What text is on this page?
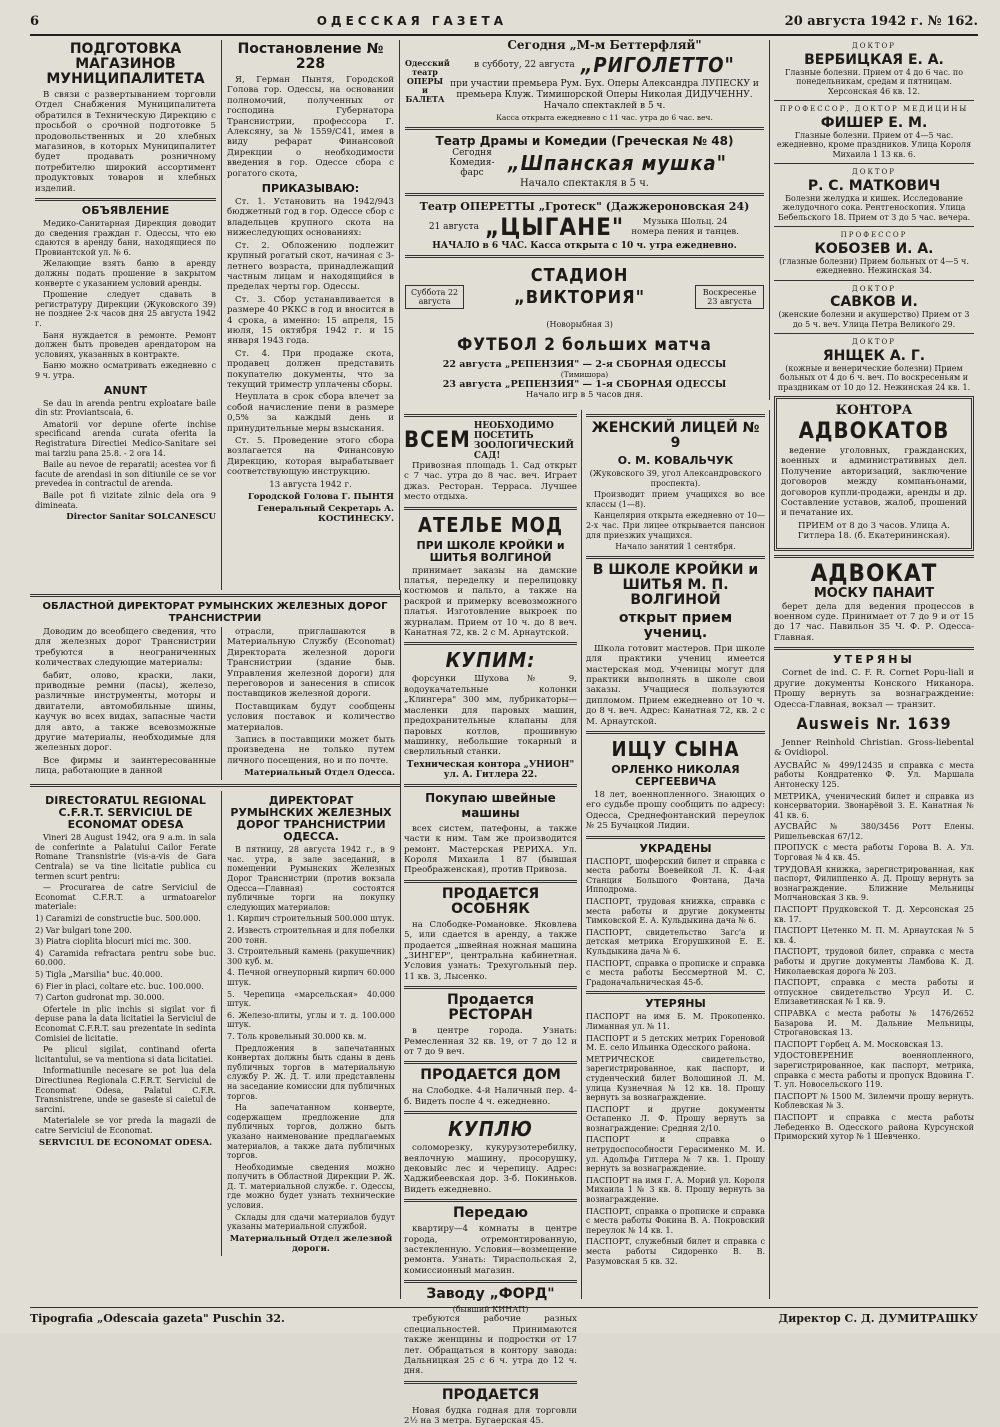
6	ОДЕССКАЯ ГАЗЕТА	20 августа 1942 г. № 162.
ПОДГОТОВКА МАГАЗИНОВ МУНИЦИПАЛИТЕТА

В связи с развертыванием торговли Отдел Снабжения Муниципалитета обратился в Техническую Дирекцию с просьбой о срочной подготовке 5 продовольственных и 20 хлебных магазинов, в которых Муниципалитет будет продавать розничному потребителю широкий ассортимент продуктовых товаров и хлебных изделий.

ОБЪЯВЛЕНИЕ

Медико-Санитарная Дирекция доводит до сведения граждан г. Одессы, что ею сдаются в аренду бани, находящиеся по Провиантской ул. № 6.

Желающие взять баню в аренду должны подать прошение в закрытом конверте с указанием условий аренды.

Прошение следует сдавать в регистратуру Дирекции (Жуковского 39) не позднее 2-х часов дня 25 августа 1942 г.

Баня нуждается в ремонте. Ремонт должен быть проведен арендатором на условиях, указанных в контракте.

Баню можно осматривать ежедневно с 9 ч. утра.

ANUNT

Se dau in arenda pentru exploatare baile din str. Proviantscaia, 6.

Amatorii vor depune oferte inchise specificand arenda curata oferita la Registratura Directiei Medico-Sanitare sei mai tarziu pana 25.8. - 2 ora 14.

Baile au nevoe de reparatii; acestea vor fi facute de arendasi in son ditiunile ce se vor prevedea in contractul de arenda.

Baile pot fi vizitate zilnic dela ora 9 dimineata.

Director Sanitar SOLCANESCU
Постановление № 228

Я, Герман Пынтя, Городской Голова гор. Одессы, на основании полномочий, полученных от господина Губернатора Транснистрии, профессора Г. Алексяну, за № 1559/С41, имея в виду рефарат Финансовой Дирекции о необходимости введения в гор. Одессе сбора с рогатого скота,

ПРИКАЗЫВАЮ:

Ст. 1. Установить на 1942/943 бюджетный год в гор. Одессе сбор с владельцев крупного скота на нижеследующих основаниях:

Ст. 2. Обложению подлежит крупный рогатый скот, начиная с 3-летнего возраста, принадлежащий частным лицам и находящийся в пределах черты гор. Одессы.

Ст. 3. Сбор устанавливается в размере 40 РККС в год и вносится в 4 срока, а именно: 15 апреля, 15 июля, 15 октября 1942 г. и 15 января 1943 года.

Ст. 4. При продаже скота, продавец должен представить покупателю документы, что за текущий триместр уплачены сборы.

Неуплата в срок сбора влечет за собой начисление пени в размере 0,5% за каждый день и принудительные меры взыскания.

Ст. 5. Проведение этого сбора возлагается на Финансовую Дирекцию, которая вырабатывает соответствующую инструкцию.

13 августа 1942 г.

Городской Голова Г. ПЫНТЯ
Генеральный Секретарь А. КОСТИНЕСКУ.
Одесский театр ОПЕРЫ и БАЛЕТА
Сегодня „М-м Беттерфляй"
в субботу, 22 августа „РИГОЛЕТТО"
при участии премьера Рум. Бух. Оперы Александра ЛУПЕСКУ и премьера Клуж. Тимишорской Оперы Николая ДИДУЧЕННУ.
Начало спектаклей в 5 ч.
Касса открыта ежедневно с 11 час. утра до 6 час. веч.
Театр Драмы и Комедии (Греческая № 48)
Сегодня Комедия-фарс	„Шпанская мушка"
Начало спектакля в 5 ч.
Театр ОПЕРЕТТЫ „Гротеск" (Дажжероновская 24)
21 августа „ЦЫГАНЕ"	Музыка Шольц. 24 номера пения и танцев.
НАЧАЛО в 6 ЧАС. Касса открыта с 10 ч. утра ежедневно.
Суббота 22 августа
СТАДИОН „ВИКТОРИЯ"
(Новорыбная 3)
Воскресенье 23 августа
ФУТБОЛ 2 больших матча
22 августа „РЕПЕНЗИЯ" — 2-я СБОРНАЯ ОДЕССЫ
(Тимишора)
23 августа „РЕПЕНЗИЯ" — 1-я СБОРНАЯ ОДЕССЫ
Начало игр в 5 часов дня.
ВСЕМ
НЕОБХОДИМО ПОСЕТИТЬ ЗООЛОГИЧЕСКИЙ САД!

Привозная площадь 1. Сад открыт с 7 час. утра до 8 час. веч. Играет джаз. Ресторан. Терраса. Лучшее место отдыха.

АТЕЛЬЕ МОД
ПРИ ШКОЛЕ КРОЙКИ и ШИТЬЯ ВОЛГИНОЙ

принимает заказы на дамские платья, переделку и перелицовку костюмов и пальто, а также на раскрой и примерку всевозможного платья. Изготовление выкроек по журналам. Прием от 10 ч. до 8 веч. Канатная 72, кв. 2 с М. Арнаутской.

КУПИМ:

форсунки Шухова № 9, водоукачательные колонки „Клингера" 300 мм, лубрикаторы—масленки для паровых машин, предохранительные клапаны для паровых котлов, прошивную машинку, небольшие токарный и сверлильный станки.

Техническая контора „УНИОН" ул. А. Гитлера 22.
Покупаю швейные машины

всех систем, патефоны, а также части к ним. Там же производится ремонт. Мастерская РЕРИХА. Ул. Короля Михаила 1 87 (бывшая Преображенская), против Привоза.

ПРОДАЕТСЯ ОСОБНЯК

на Слободке-Романовке. Яковлева 5, или сдается в аренду, а также продается „швейная ножная машина „ЗИНГЕР", центральна кабинетная. Условия узнать: Трехугольный пер. 11 кв. 3, Лысенко.

Продается РЕСТОРАН

в центре города. Узнать: Ремесленная 32 кв. 19, от 7 до 12 и от 7 до 9 веч.

ПРОДАЕТСЯ ДОМ

на Слободке. 4-й Наличный пер. 4-б. Видеть после 4 ч. ежедневно.

КУПЛЮ

соломорезку, кукурузотеребилку, веялочную машину, просорушку, дековыйс лес и черепицу. Адрес: Хаджибеевская дор. 3-б. Покиньков. Видеть ежедневно.

Передаю

квартиру—4 комнаты в центре города, отремонтированную, застекленную. Условия—возмещение ремонта. Узнать: Тираспольская 2, комиссионный магазин.

Заводу „ФОРД"
(бывший КИНАП)

требуются рабочие разных специальностей. Принимаются также женщины и подростки от 17 лет. Обращаться в контору завода: Дальницкая 25 с 6 ч. утра до 12 ч. дня.

ПРОДАЕТСЯ

Новая будка годная для торговли 2½ на 3 метра. Бугаерская 45.

ЖЕНСКИЙ ЛИЦЕЙ № 9
О. М. КОВАЛЬЧУК

(Жуковского 39, угол Александровского проспекта).

Производит прием учащихся во все классы (1—8).

Канцелярия открыта ежедневно от 10—2-х час. При лицее открывается пансион для приезжих учащихся.

Начало занятий 1 сентября.

В ШКОЛЕ КРОЙКИ и ШИТЬЯ М. П. ВОЛГИНОЙ
открыт прием учениц.

Школа готовит мастеров. При школе для практики учениц имеется мастерская мод. Ученицы могут для практики выполнять в школе свои заказы. Учащиеся пользуются дипломом. Прием ежедневно от 10 ч. до 8 ч. веч. Адрес: Канатная 72, кв. 2 с М. Арнаутской.

ИЩУ СЫНА
ОРЛЕНКО НИКОЛАЯ СЕРГЕЕВИЧА

18 лет, военнопленного. Знающих о его судьбе прошу сообщить по адресу: Одесса, Среднефонтанский переулок № 25 Бучацкой Лидии.

УКРАДЕНЫ

ПАСПОРТ, шоферский билет и справка с места работы Воевейкой Л. К. 4-ая Станция Большого Фонтана, Дача Ипподрома.

ПАСПОРТ, трудовая книжка, справка с места работы и другие документы Тимковской Е. А. Кульдыкина дача № 6.

ПАСПОРТ, свидетельство Загс'а и детская метрика Егорушкиной Е. Е. Кульдыкина дача № 6.

ПАСПОРТ, справка о прописке и справка с места работы Бессмертной М. С. Градоначальническая 45-б.

УТЕРЯНЫ

ПАСПОРТ на имя Б. М. Прокопенко. Лиманная ул. № 11.

ПАСПОРТ и 5 детских метрик Гореновой М. Е. село Ильинка Одесского района.

МЕТРИЧЕСКОЕ свидетельство, зарегистрированное, как паспорт, и студенческий билет Волошиной Л. М. улица Кузнечная № 12 кв. 18. Прошу вернуть за вознаграждение.

ПАСПОРТ и другие документы Остапенко Л. Ф. Прошу вернуть за вознаграждение: Средняя 2/10.

ПАСПОРТ и справка о нетрудоспособности Герасименко М. И. ул. Адольфа Гитлера № 7 кв. 1. Прошу вернуть за вознаграждение.

ПАСПОРТ на имя Г. А. Морий ул. Короля Михаила 1 № 3 кв. 8. Прошу вернуть за вознаграждение.

ПАСПОРТ, справка о прописке и справка с места работы Фокина В. А. Покровский переулок № 14 кв. 1.

ПАСПОРТ, служебный билет и справка с места работы Сидоренко В. В. Разумовская 5 кв. 32.

ДОКТОР
ВЕРБИЦКАЯ Е. А.
Глазные болезни. Прием от 4 до 6 час. по понедельникам, средам и пятницам. Херсонская 46 кв. 12.
ПРОФЕССОР, ДОКТОР МЕДИЦИНЫ
ФИШЕР Е. М.
Глазные болезни. Прием от 4—5 час. ежедневно, кроме праздников. Улица Короля Михаила 1 13 кв. 6.
ДОКТОР
Р. С. МАТКОВИЧ
Болезни желудка и кишек. Исследование желудочного сока. Рентгеноскопия. Улица Бебельского 18. Прием от 3 до 5 час. вечера.
ПРОФЕССОР
КОБОЗЕВ И. А.
(глазные болезни) Прием больных от 4—5 ч. ежедневно. Нежинская 34.
ДОКТОР
САВКОВ И.
(женские болезни и акушерство) Прием от 3 до 5 ч. веч. Улица Петра Великого 29.
ДОКТОР
ЯНЩЕК А. Г.
(кожные и венерические болезни) Прием больных от 4 до 6 ч. веч. По воскресеньям и праздникам от 10 до 12. Нежинская 24 кв. 1.
КОНТОРА
АДВОКАТОВ

ведение уголовных, гражданских, военных и административных дел. Получение авторизаций, заключение договоров между компаньонами, договоров купли-продажи, аренды и др. Составление уставов, жалоб, прошений и печатание их.

ПРИЕМ от 8 до 3 часов. Улица А. Гитлера 18. (б. Екатерининская).

АДВОКАТ
МОСКУ ПАНАИТ

берет дела для ведения процессов в военном суде. Принимает от 7 до 9 и от 15 до 17 час. Павильон 35 Ч. Ф. Р. Одесса-Главная.

УТЕРЯНЫ

Cornet de ind. C. F. R. Cornet Popu-liali и другие документы Конского Никанора. Прошу вернуть за вознаграждение: Одесса-Главная, вокзал — транзит.

Ausweis Nr. 1639

Jenner Reinhold Christian. Gross-liebental & Ovidiopol.

АУСВАЙС № 499/12435 и справка с места работы Кондратенко Ф. Ул. Маршала Антонеску 125.

МЕТРИКА, ученический билет и справка из консерватории. Звонарёвой З. Е. Канатная № 41 кв. 6.

АУСВАЙС № 380/3456 Ротт Елены. Ришельевская 67/12.

ПРОПУСК с места работы Горова В. А. Ул. Торговая № 4 кв. 45.

ТРУДОВАЯ книжка, зарегистрированная, как паспорт, Филиппенко А. Д. Прошу вернуть за вознаграждение. Ближние Мельницы Молчановская 3 кв. 9.

ПАСПОРТ Прудковской Т. Д. Херсонская 25 кв. 17.

ПАСПОРТ Цетенко М. П. М. Арнаутская № 5 кв. 4.

ПАСПОРТ, трудовой билет, справка с места работы и другие документы Ламбова К. Д. Николаевская дорога № 203.

ПАСПОРТ, справка с места работы и отпускное свидетельство Урсул И. С. Елизаветинская № 1 кв. 9.

СПРАВКА с места работы № 1476/2652 Базарова И. М. Дальние Мельницы, Строгановская 13.

ПАСПОРТ Горбец А. М. Московская 13.

УДОСТОВЕРЕНИЕ военнопленного, зарегистрированное, как паспорт, метрика, справка с места работы и пропуск Вдовина Г. Т. ул. Новосельского 119.

ПАСПОРТ № 1500 М. Зилемчи прошу вернуть. Коблевская № 3.

ПАСПОРТ и справка с места работы Лебеденко В. Одесского района Курсунской Приморский хутор № 1 Шевченко.

ОБЛАСТНОЙ ДИРЕКТОРАТ РУМЫНСКИХ ЖЕЛЕЗНЫХ ДОРОГ ТРАНСНИСТРИИ

Доводим до всеобщего сведения, что для железных дорог Транснистрии требуются в неограниченных количествах следующие материалы:

бабит, олово, краски, лаки, приводные ремни (пасы), железо, различные инструменты, моторы и двигатели, автомобильные шины, каучук во всех видах, запасные части для авто, а также всевозможные другие материалы, необходимые для железных дорог.

Все фирмы и заинтересованные лица, работающие в данной

отрасли, приглашаются в Материальную Службу (Economat) Директората железной дороги Транснистрии (здание быв. Управления железной дороги) для переговоров и занесения в список поставщиков железной дороги.

Поставщикам будут сообщены условия поставок и количество материалов.

Запись в поставщики может быть произведена не только путем личного посещения, но и по почте.

Материальный Отдел Одесса.
DIRECTORATUL REGIONAL C.F.R.T. SERVICIUL DE ECONOMAT ODESA

Vineri 28 August 1942, ora 9 a.m. in sala de conferinte a Palatului Cailor Ferate Romane Transnistrie (vis-a-vis de Gara Centrala) se va tine licitatie publica cu termen scurt pentru:

— Procurarea de catre Serviciul de Economat C.F.R.T. a urmatoarelor materiale:

1) Caramizi de constructie buc. 500.000.

2) Var bulgari tone 200.

3) Piatra cioplita blocuri mici mc. 300.

4) Caramida refractara pentru sobe buc. 60.000.

5) Tigla „Marsilia" buc. 40.000.

6) Fier in placi, coltare etc. buc. 100.000.

7) Carton gudronat mp. 30.000.

Ofertele in plic inchis si sigilat vor fi depuse pana la data licitatiei la Serviciul de Economat C.F.R.T. sau prezentate in sedinta Comisiei de licitatie.

Pe plicul sigilat, continand oferta licitantului, se va mentiona si data licitatiei.

Informatiunile necesare se pot lua dela Directiunea Regionala C.F.R.T. Serviciul de Economat Odesa, Palatul C.F.R. Transnistrene, unde se gaseste si caietul de sarcini.

Materialele se vor preda la magazii de catre Serviciul de Economat.

SERVICIUL DE ECONOMAT ODESA.
ДИРЕКТОРАТ РУМЫНСКИХ ЖЕЛЕЗНЫХ ДОРОГ ТРАНСНИСТРИИ ОДЕССА.

В пятницу, 28 августа 1942 г., в 9 час. утра, в зале заседаний, в помещении Румынских Железных Дорог Транснистрии (против вокзала Одесса—Главная) состоятся публичные торги на покупку следующих материалов:

1. Кирпич строительный 500.000 штук.

2. Известь строительная и для побелки 200 тонн.

3. Строительный камень (ракушечник) 300 куб. м.

4. Печной огнеупорный кирпич 60.000 штук.

5. Черепица «марсельская» 40.000 штук.

6. Железо-плиты, углы и т. д. 100.000 штук.

7. Толь кровельный 30.000 кв. м.

Предложения в запечатанных конвертах должны быть сданы в день публичных торгов в материальную службу Р. Ж. Д. Т. или представлены на заседание комиссии для публичных торгов.

На запечатанном конверте, содержащем предложение для публичных торгов, должно быть указано наименование предлагаемых материалов, а также дата публичных торгов.

Необходимые сведения можно получить в Областной Дирекции Р. Ж. Д. Т. материальной службе. г. Одессы, где можно будет узнать технические условия.

Склады для сдачи материалов будут указаны материальной службой.

Материальный Отдел железной дороги.
Tipografia „Odescaia gazeta" Puschin 32.	Директор С. Д. ДУМИТРАШКУ
